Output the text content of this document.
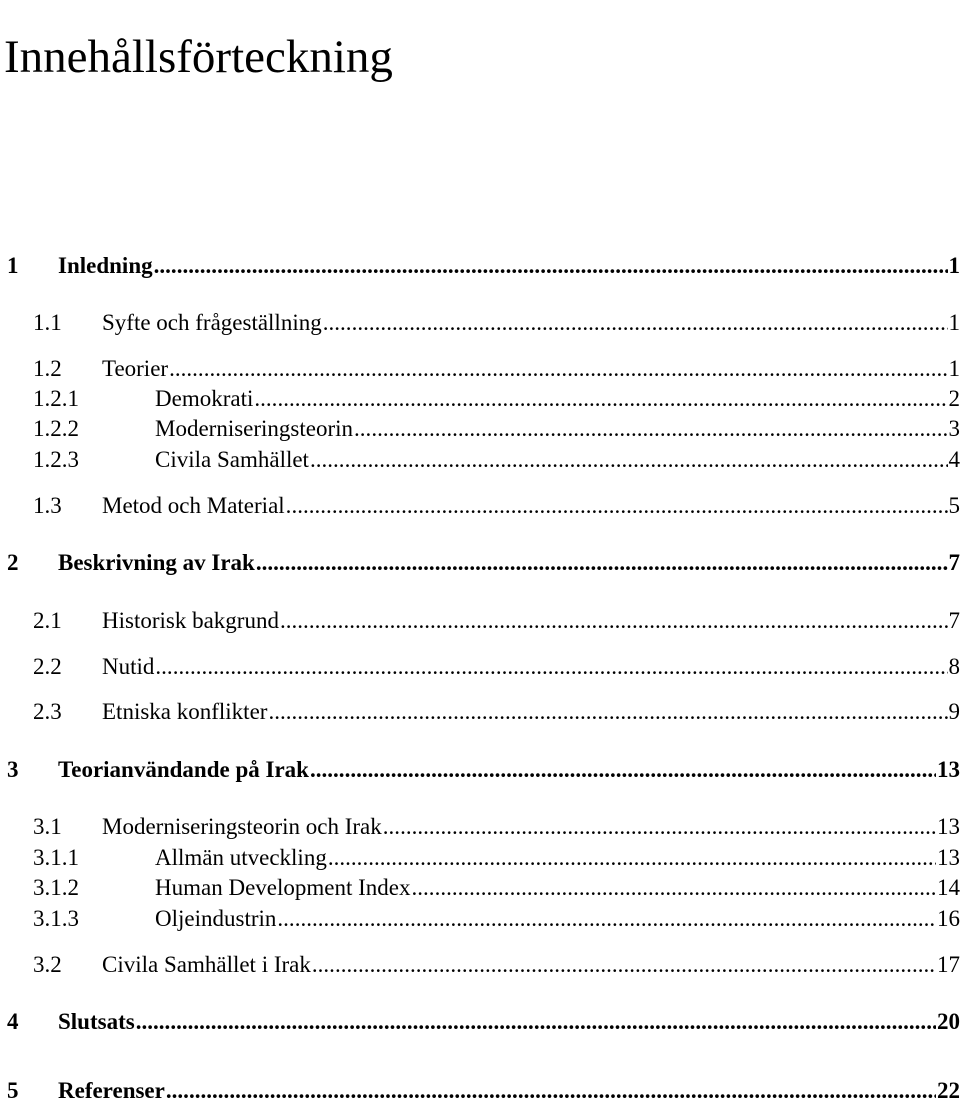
Innehållsförteckning
1	Inledning .....	1
1.1	Syfte och frågeställning .....	1
1.2	Teorier .....	1
1.2.1	Demokrati .....	2
1.2.2	Moderniseringsteorin .....	3
1.2.3	Civila Samhället .....	4
1.3	Metod och Material .....	5
2	Beskrivning av Irak .....	7
2.1	Historisk bakgrund .....	7
2.2	Nutid .....	8
2.3	Etniska konflikter .....	9
3	Teorianvändande på Irak .....	13
3.1	Moderniseringsteorin och Irak .....	13
3.1.1	Allmän utveckling .....	13
3.1.2	Human Development Index .....	14
3.1.3	Oljeindustrin .....	16
3.2	Civila Samhället i Irak .....	17
4	Slutsats .....	20
5	Referenser .....	22
